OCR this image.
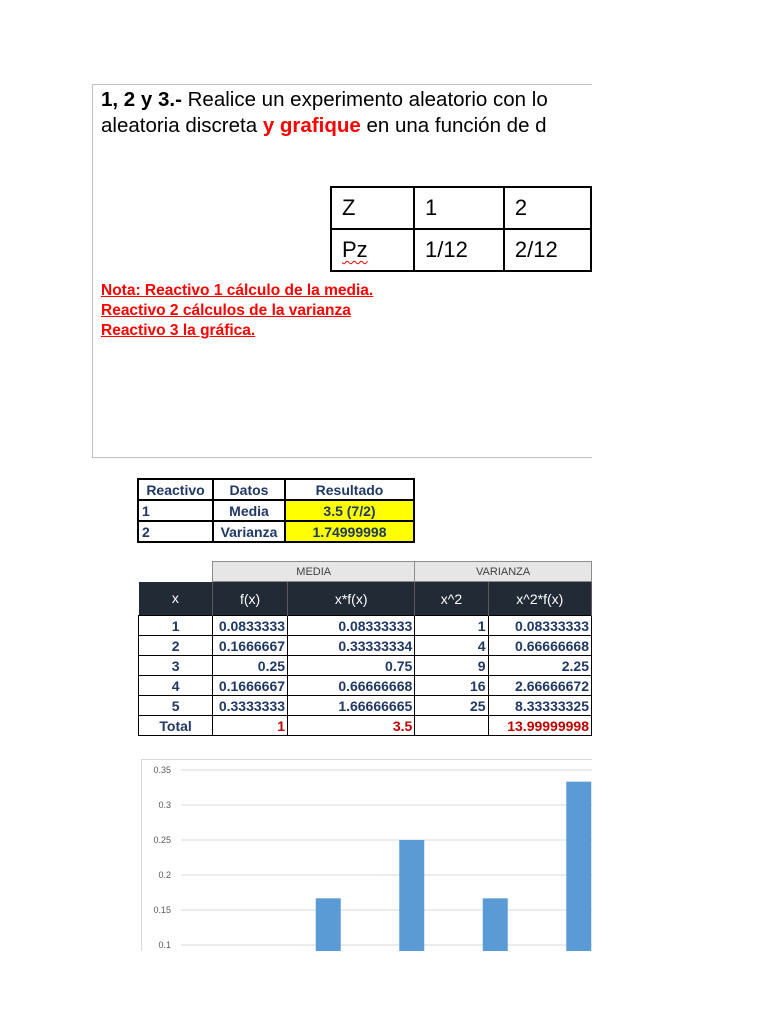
1, 2 y 3.- Realice un experimento aleatorio con lo
aleatoria discreta y grafique en una función de d
Z	1	2
Pz	1/12	2/12
Nota: Reactivo 1 cálculo de la media.
Reactivo 2 cálculos de la varianza
Reactivo 3 la gráfica.
Reactivo	Datos	Resultado
1	Media	3.5 (7/2)
2	Varianza	1.74999998
	MEDIA		VARIANZA	
x	f(x)	x*f(x)	x^2	x^2*f(x)
1	0.0833333	0.08333333	1	0.08333333
2	0.1666667	0.33333334	4	0.66666668
3	0.25	0.75	9	2.25
4	0.1666667	0.66666668	16	2.66666672
5	0.3333333	1.66666665	25	8.33333325
Total	1	3.5		13.99999998
0.1
0.15
0.2
0.25
0.3
0.35
